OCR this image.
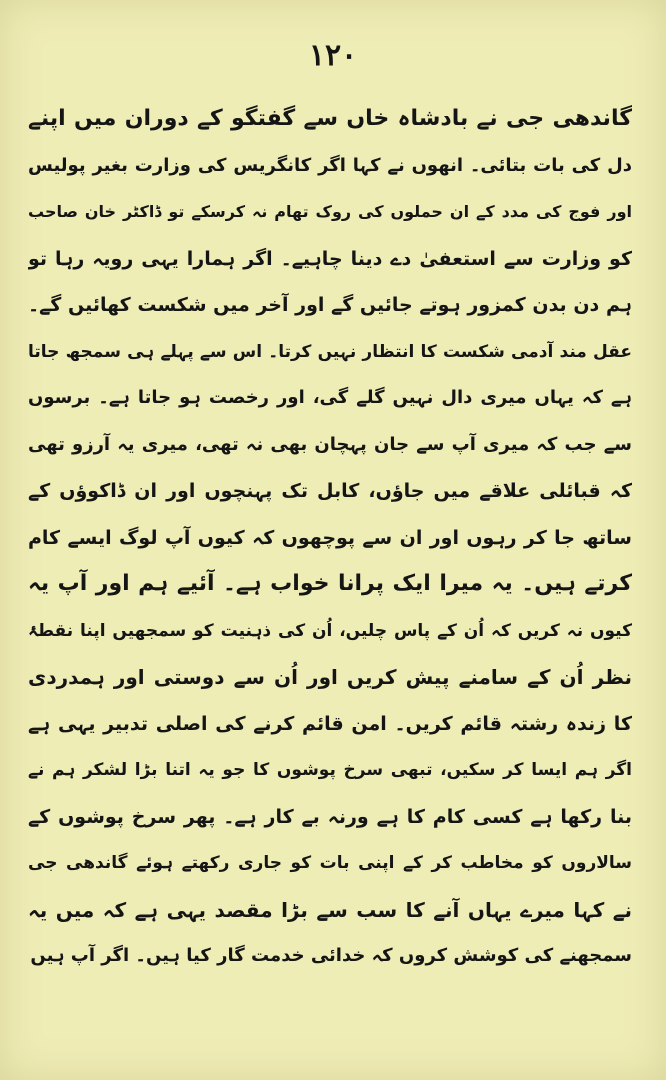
۱۲۰
گاندھی جی نے بادشاہ خاں سے گفتگو کے دوران میں اپنے
دل کی بات بتائی۔ انھوں نے کہا اگر کانگریس کی وزارت بغیر پولیس
اور فوج کی مدد کے ان حملوں کی روک تھام نہ کرسکے تو ڈاکٹر خان صاحب
کو وزارت سے استعفیٰ دے دینا چاہیے۔ اگر ہمارا یہی رویہ رہا تو
ہم دن بدن کمزور ہوتے جائیں گے اور آخر میں شکست کھائیں گے۔
عقل مند آدمی شکست کا انتظار نہیں کرتا۔ اس سے پہلے ہی سمجھ جاتا
ہے کہ یہاں میری دال نہیں گلے گی، اور رخصت ہو جاتا ہے۔ برسوں
سے جب کہ میری آپ سے جان پہچان بھی نہ تھی، میری یہ آرزو تھی
کہ قبائلی علاقے میں جاؤں، کابل تک پہنچوں اور ان ڈاکوؤں کے
ساتھ جا کر رہوں اور ان سے پوچھوں کہ کیوں آپ لوگ ایسے کام
کرتے ہیں۔ یہ میرا ایک پرانا خواب ہے۔ آئیے ہم اور آپ یہ
کیوں نہ کریں کہ اُن کے پاس چلیں، اُن کی ذہنیت کو سمجھیں اپنا نقطۂ
نظر اُن کے سامنے پیش کریں اور اُن سے دوستی اور ہمدردی
کا زندہ رشتہ قائم کریں۔ امن قائم کرنے کی اصلی تدبیر یہی ہے
اگر ہم ایسا کر سکیں، تبھی سرخ پوشوں کا جو یہ اتنا بڑا لشکر ہم نے
بنا رکھا ہے کسی کام کا ہے ورنہ بے کار ہے۔ پھر سرخ پوشوں کے
سالاروں کو مخاطب کر کے اپنی بات کو جاری رکھتے ہوئے گاندھی جی
نے کہا میرے یہاں آنے کا سب سے بڑا مقصد یہی ہے کہ میں یہ
سمجھنے کی کوشش کروں کہ خدائی خدمت گار کیا ہیں۔ اگر آپ ہیں
